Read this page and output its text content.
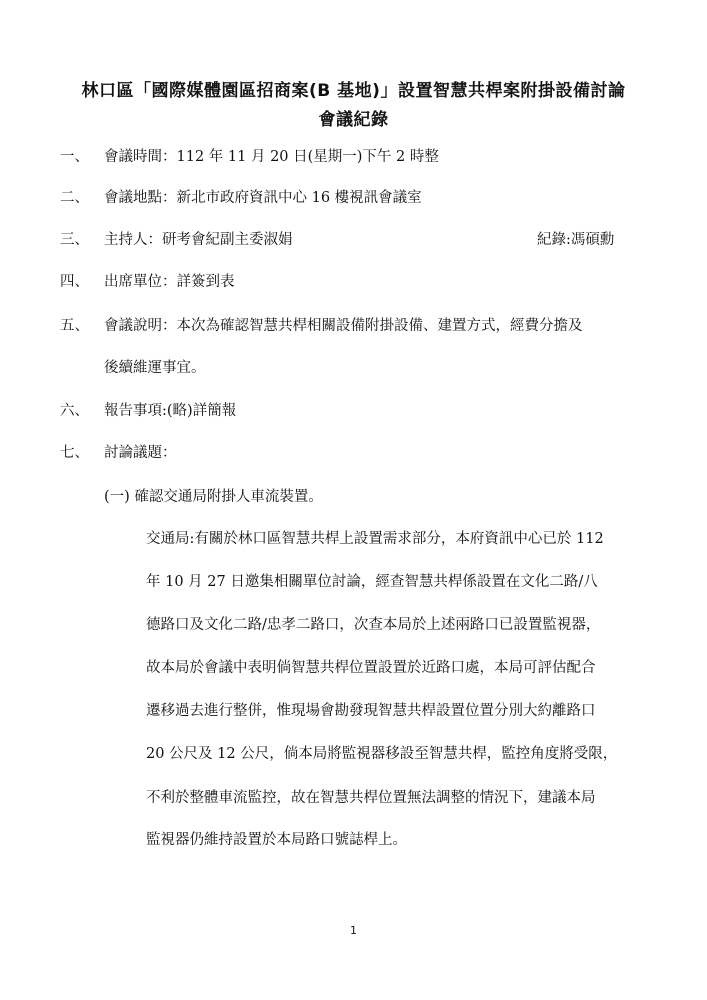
林口區「國際媒體園區招商案(B 基地)」設置智慧共桿案附掛設備討論
會議紀錄
一、 會議時間：112 年 11 月 20 日(星期一)下午 2 時整
二、 會議地點：新北市政府資訊中心 16 樓視訊會議室
三、 主持人：研考會紀副主委淑娟	紀錄:馮碩勳
四、 出席單位：詳簽到表
五、 會議說明：本次為確認智慧共桿相關設備附掛設備、建置方式，經費分擔及
後續維運事宜。
六、 報告事項:(略)詳簡報
七、 討論議題：
(一) 確認交通局附掛人車流裝置。
交通局:有關於林口區智慧共桿上設置需求部分，本府資訊中心已於 112
年 10 月 27 日邀集相關單位討論，經查智慧共桿係設置在文化二路/八
德路口及文化二路/忠孝二路口，次查本局於上述兩路口已設置監視器，
故本局於會議中表明倘智慧共桿位置設置於近路口處，本局可評估配合
遷移過去進行整併，惟現場會勘發現智慧共桿設置位置分別大約離路口
20 公尺及 12 公尺，倘本局將監視器移設至智慧共桿，監控角度將受限，
不利於整體車流監控，故在智慧共桿位置無法調整的情況下，建議本局
監視器仍維持設置於本局路口號誌桿上。
1
